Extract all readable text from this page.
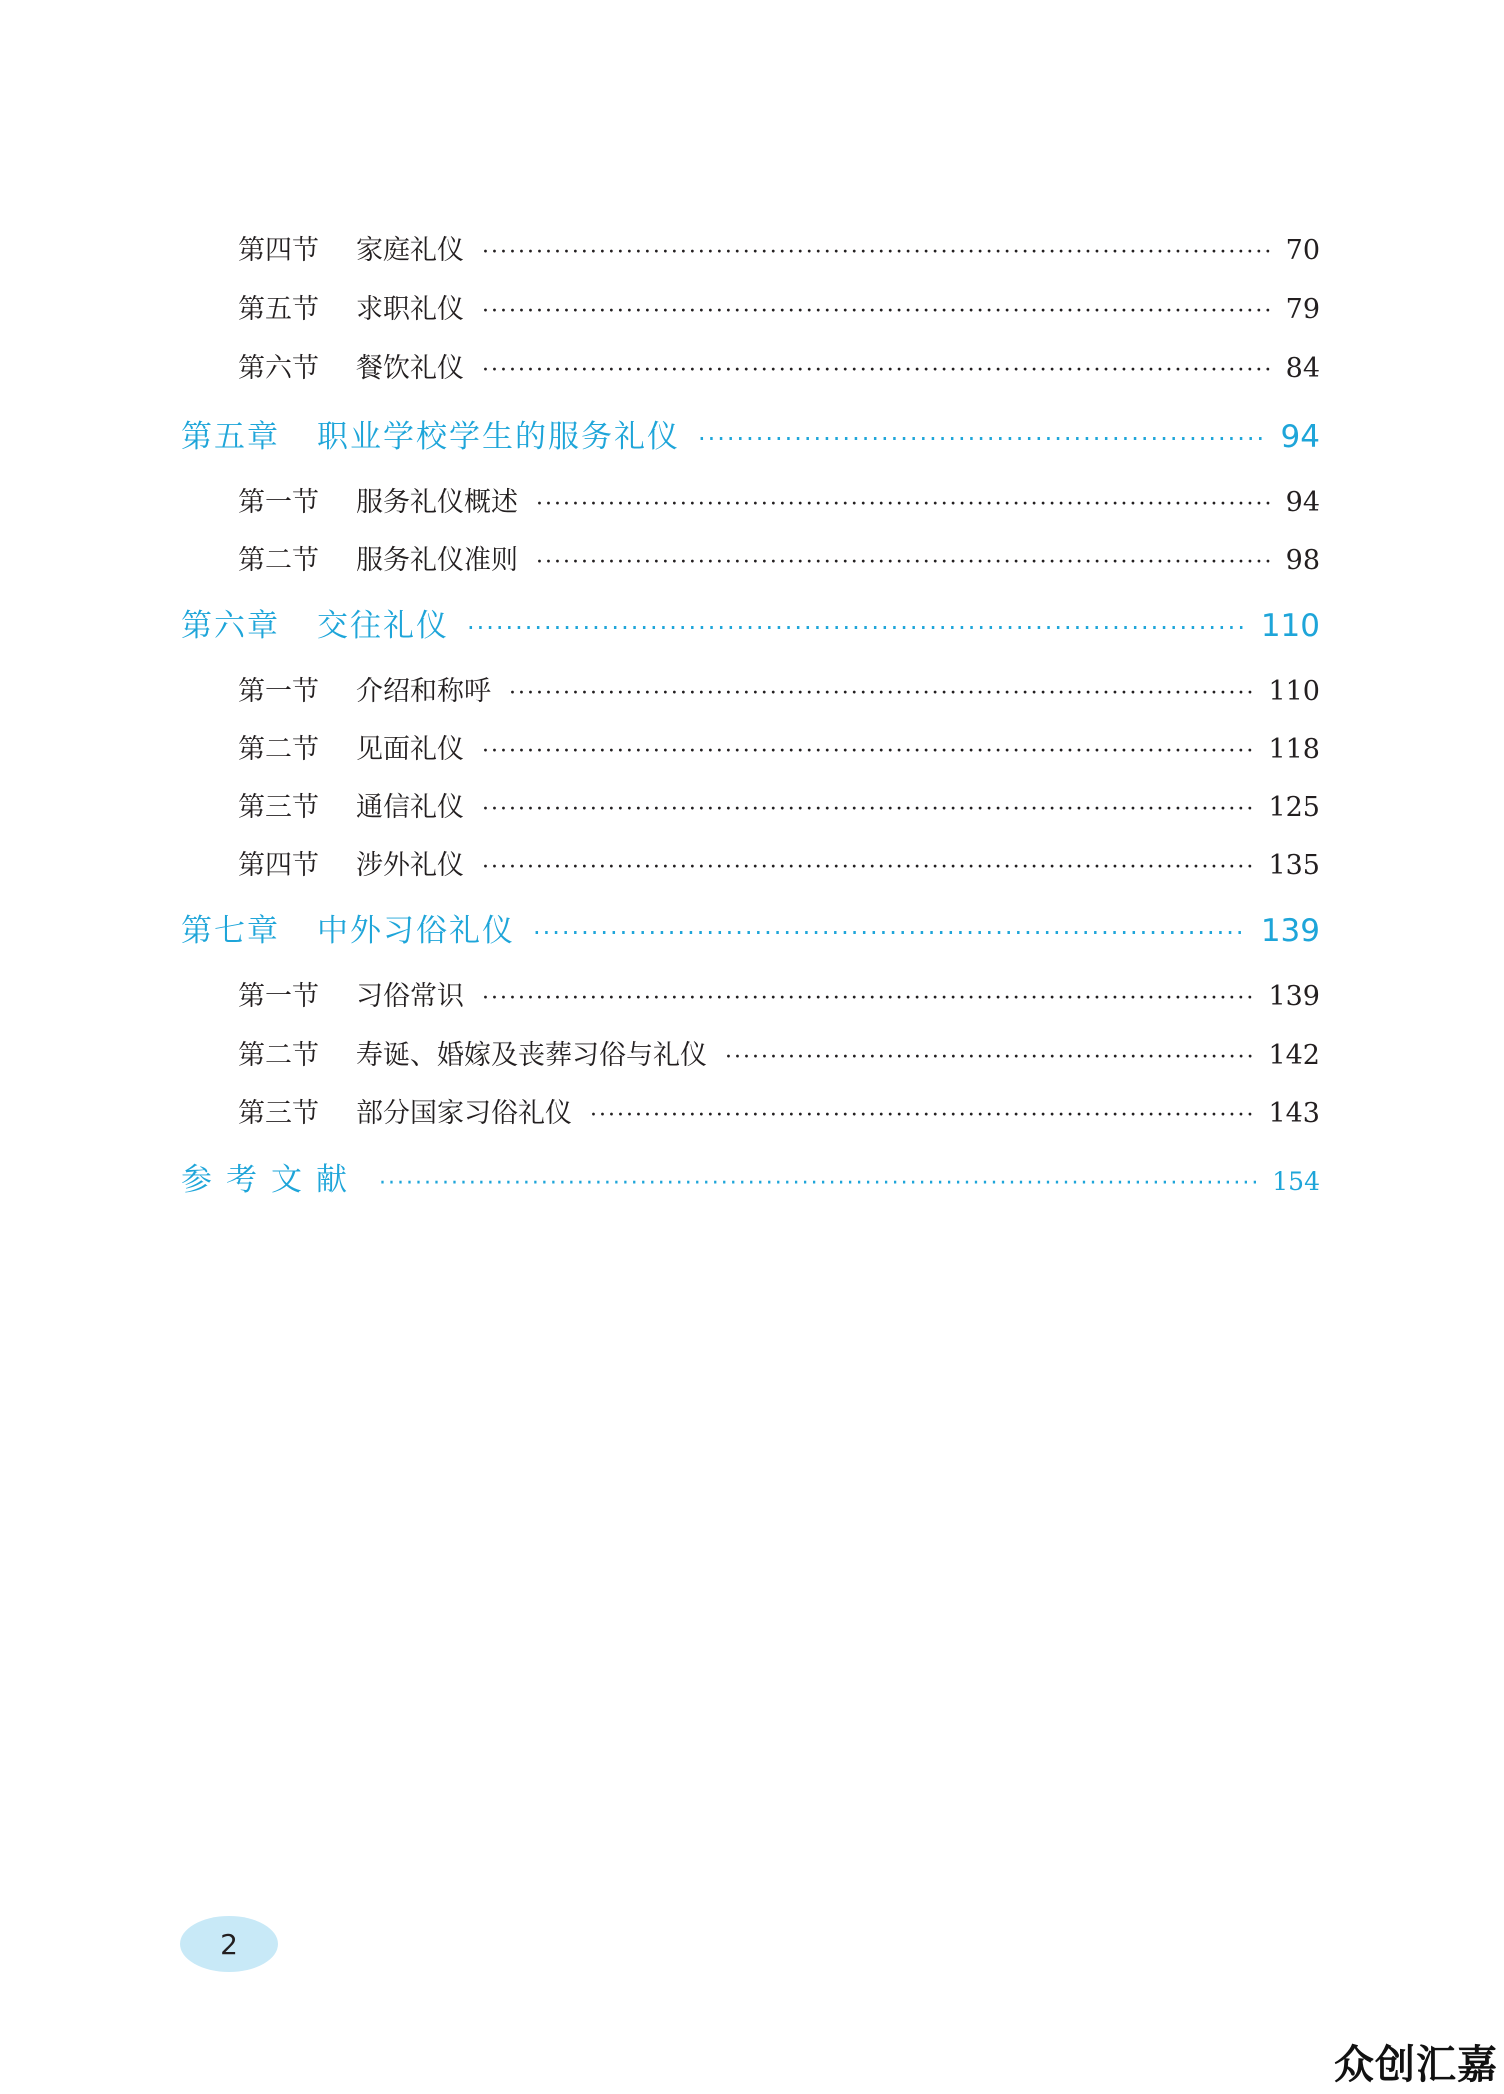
第四节	家庭礼仪 ·····	70
第五节	求职礼仪 ·····	79
第六节	餐饮礼仪 ·····	84
第五章	职业学校学生的服务礼仪 ·····	94
第一节	服务礼仪概述 ·····	94
第二节	服务礼仪准则 ·····	98
第六章	交往礼仪 ·····	110
第一节	介绍和称呼 ·····	110
第二节	见面礼仪 ·····	118
第三节	通信礼仪 ·····	125
第四节	涉外礼仪 ·····	135
第七章	中外习俗礼仪 ·····	139
第一节	习俗常识 ·····	139
第二节	寿诞、婚嫁及丧葬习俗与礼仪 ·····	142
第三节	部分国家习俗礼仪 ·····	143
参考文献 ·····	154
2
众创汇嘉
